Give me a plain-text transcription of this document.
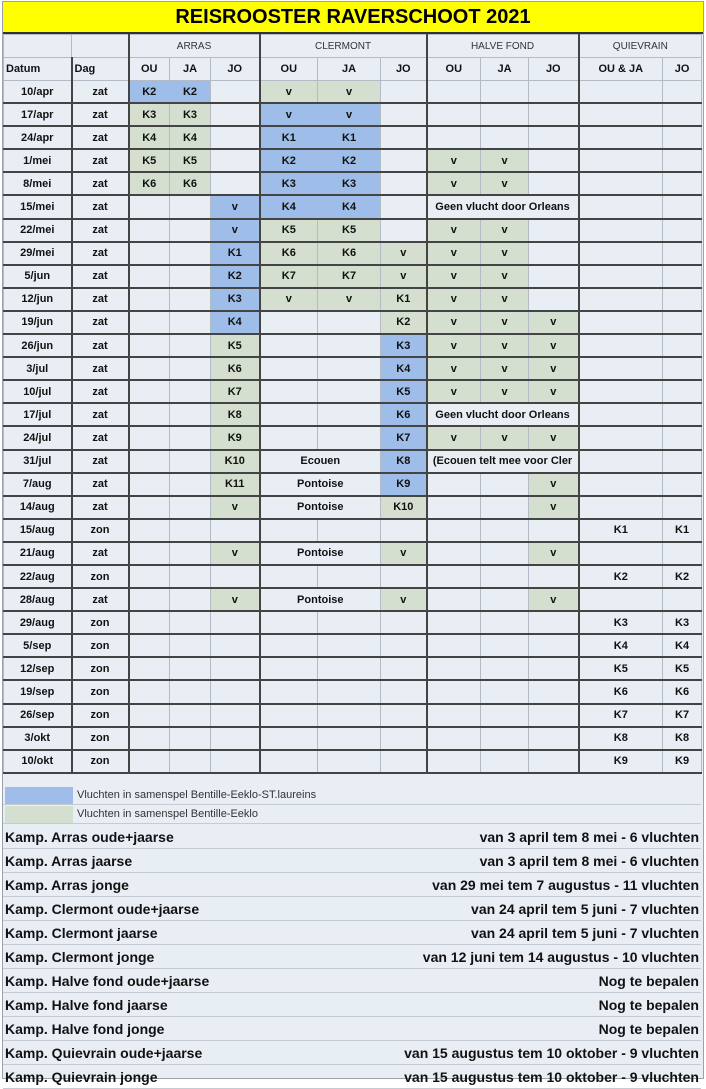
REISROOSTER RAVERSCHOOT 2021
		ARRAS			CLERMONT			HALVE FOND			QUIEVRAIN	
Datum	Dag	OU	JA	JO	OU	JA	JO	OU	JA	JO	OU & JA	JO
10/apr	zat	K2	K2		v	v						
17/apr	zat	K3	K3		v	v						
24/apr	zat	K4	K4		K1	K1						
1/mei	zat	K5	K5		K2	K2		v	v			
8/mei	zat	K6	K6		K3	K3		v	v			
15/mei	zat			v	K4	K4		Geen vlucht door Orleans				
22/mei	zat			v	K5	K5		v	v			
29/mei	zat			K1	K6	K6	v	v	v			
5/jun	zat			K2	K7	K7	v	v	v			
12/jun	zat			K3	v	v	K1	v	v			
19/jun	zat			K4			K2	v	v	v		
26/jun	zat			K5			K3	v	v	v		
3/jul	zat			K6			K4	v	v	v		
10/jul	zat			K7			K5	v	v	v		
17/jul	zat			K8			K6	Geen vlucht door Orleans				
24/jul	zat			K9			K7	v	v	v		
31/jul	zat			K10	Ecouen		K8	(Ecouen telt mee voor Cler				
7/aug	zat			K11	Pontoise		K9			v		
14/aug	zat			v	Pontoise		K10			v		
15/aug	zon										K1	K1
21/aug	zat			v	Pontoise		v			v		
22/aug	zon										K2	K2
28/aug	zat			v	Pontoise		v			v		
29/aug	zon										K3	K3
5/sep	zon										K4	K4
12/sep	zon										K5	K5
19/sep	zon										K6	K6
26/sep	zon										K7	K7
3/okt	zon										K8	K8
10/okt	zon										K9	K9
Vluchten in samenspel Bentille-Eeklo-ST.laureins
Vluchten in samenspel Bentille-Eeklo
Kamp. Arras oude+jaarse	van 3 april tem 8 mei - 6 vluchten
Kamp. Arras jaarse	van 3 april tem 8 mei - 6 vluchten
Kamp. Arras jonge	van 29 mei tem 7 augustus - 11 vluchten
Kamp. Clermont oude+jaarse	van 24 april tem 5 juni - 7 vluchten
Kamp. Clermont jaarse	van 24 april tem 5 juni - 7 vluchten
Kamp. Clermont jonge	van 12 juni tem 14 augustus - 10 vluchten
Kamp. Halve fond oude+jaarse	Nog te bepalen
Kamp. Halve fond jaarse	Nog te bepalen
Kamp. Halve fond jonge	Nog te bepalen
Kamp. Quievrain oude+jaarse	van 15 augustus tem 10 oktober - 9 vluchten
Kamp. Quievrain jonge	van 15 augustus tem 10 oktober - 9 vluchten
